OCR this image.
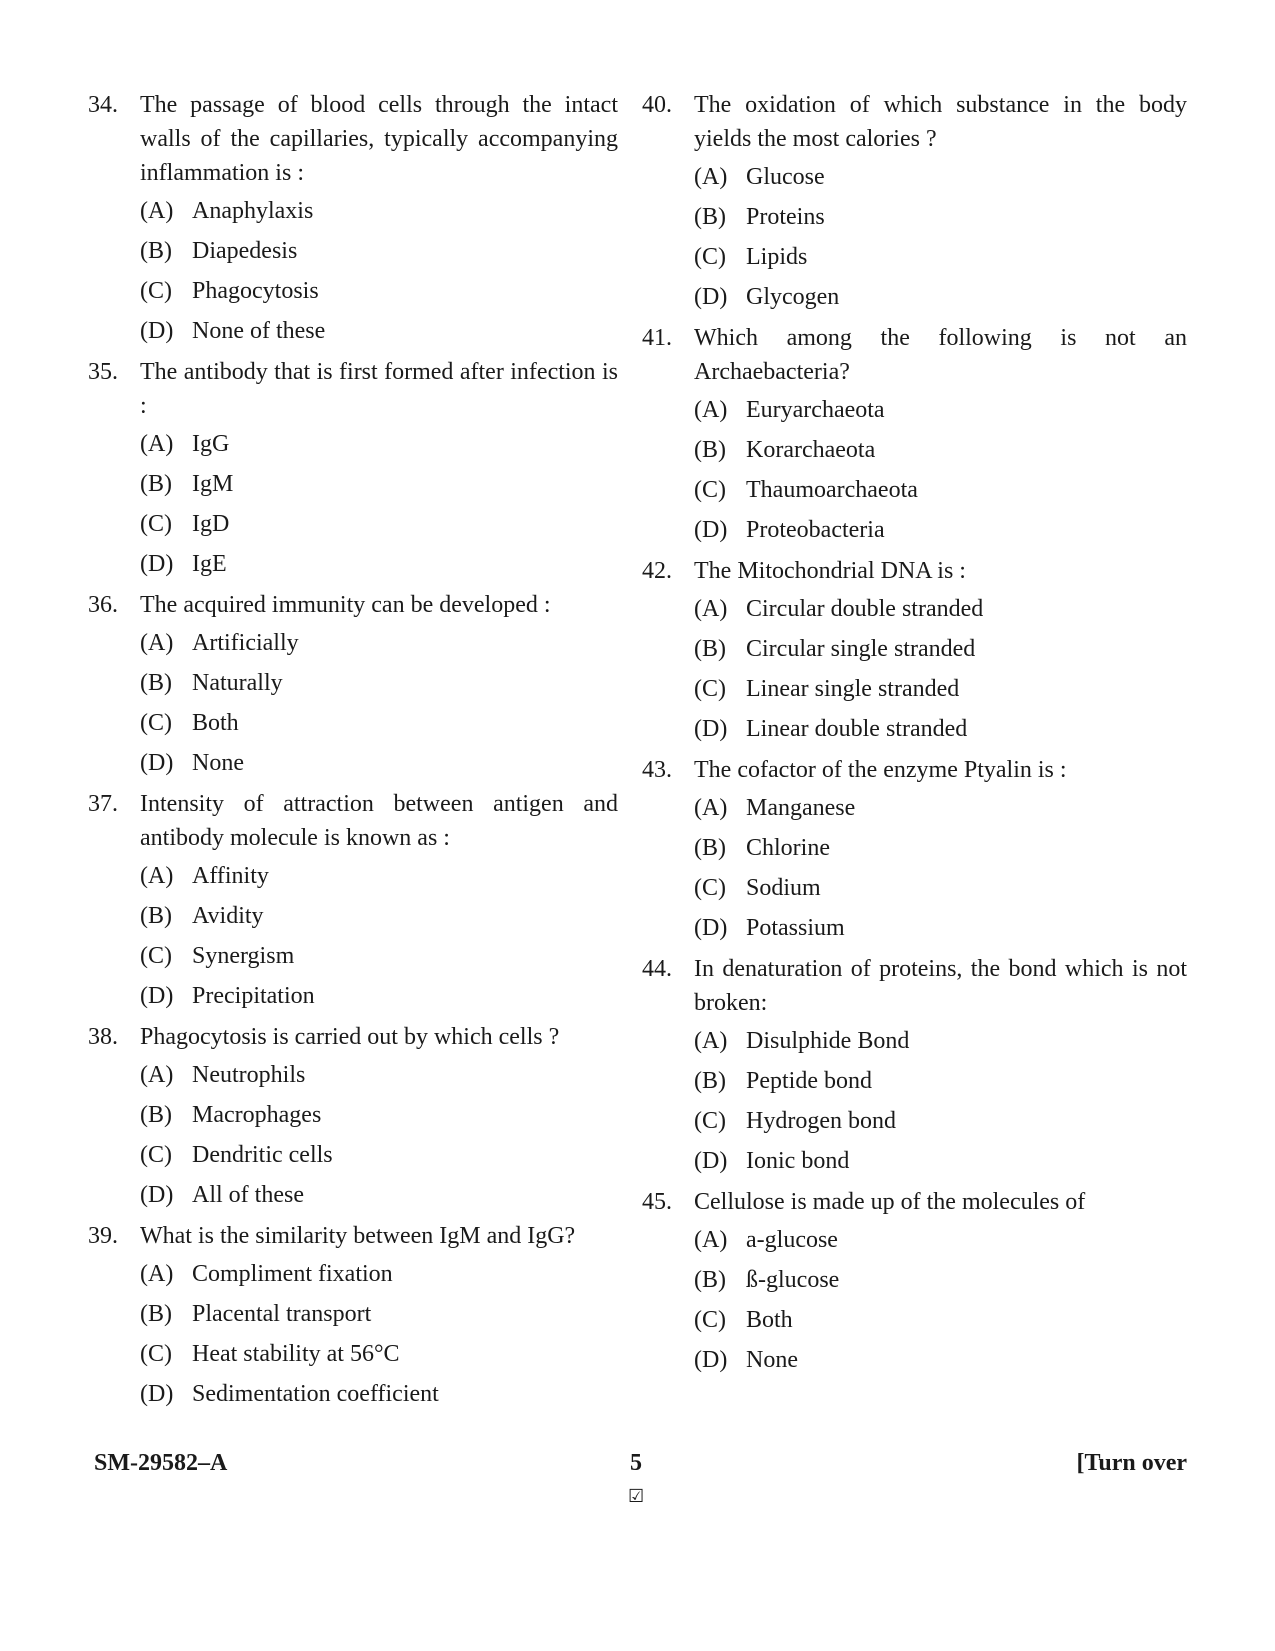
34. The passage of blood cells through the intact walls of the capillaries, typically accompanying inflammation is :
(A) Anaphylaxis
(B) Diapedesis
(C) Phagocytosis
(D) None of these
35. The antibody that is first formed after infection is :
(A) IgG
(B) IgM
(C) IgD
(D) IgE
36. The acquired immunity can be developed :
(A) Artificially
(B) Naturally
(C) Both
(D) None
37. Intensity of attraction between antigen and antibody molecule is known as :
(A) Affinity
(B) Avidity
(C) Synergism
(D) Precipitation
38. Phagocytosis is carried out by which cells ?
(A) Neutrophils
(B) Macrophages
(C) Dendritic cells
(D) All of these
39. What is the similarity between IgM and IgG?
(A) Compliment fixation
(B) Placental transport
(C) Heat stability at 56°C
(D) Sedimentation coefficient
40. The oxidation of which substance in the body yields the most calories ?
(A) Glucose
(B) Proteins
(C) Lipids
(D) Glycogen
41. Which among the following is not an Archaebacteria?
(A) Euryarchaeota
(B) Korarchaeota
(C) Thaumoarchaeota
(D) Proteobacteria
42. The Mitochondrial DNA is :
(A) Circular double stranded
(B) Circular single stranded
(C) Linear single stranded
(D) Linear double stranded
43. The cofactor of the enzyme Ptyalin is :
(A) Manganese
(B) Chlorine
(C) Sodium
(D) Potassium
44. In denaturation of proteins, the bond which is not broken:
(A) Disulphide Bond
(B) Peptide bond
(C) Hydrogen bond
(D) Ionic bond
45. Cellulose is made up of the molecules of
(A) a-glucose
(B) ß-glucose
(C) Both
(D) None
SM-29582–A	5	[Turn over
☑
